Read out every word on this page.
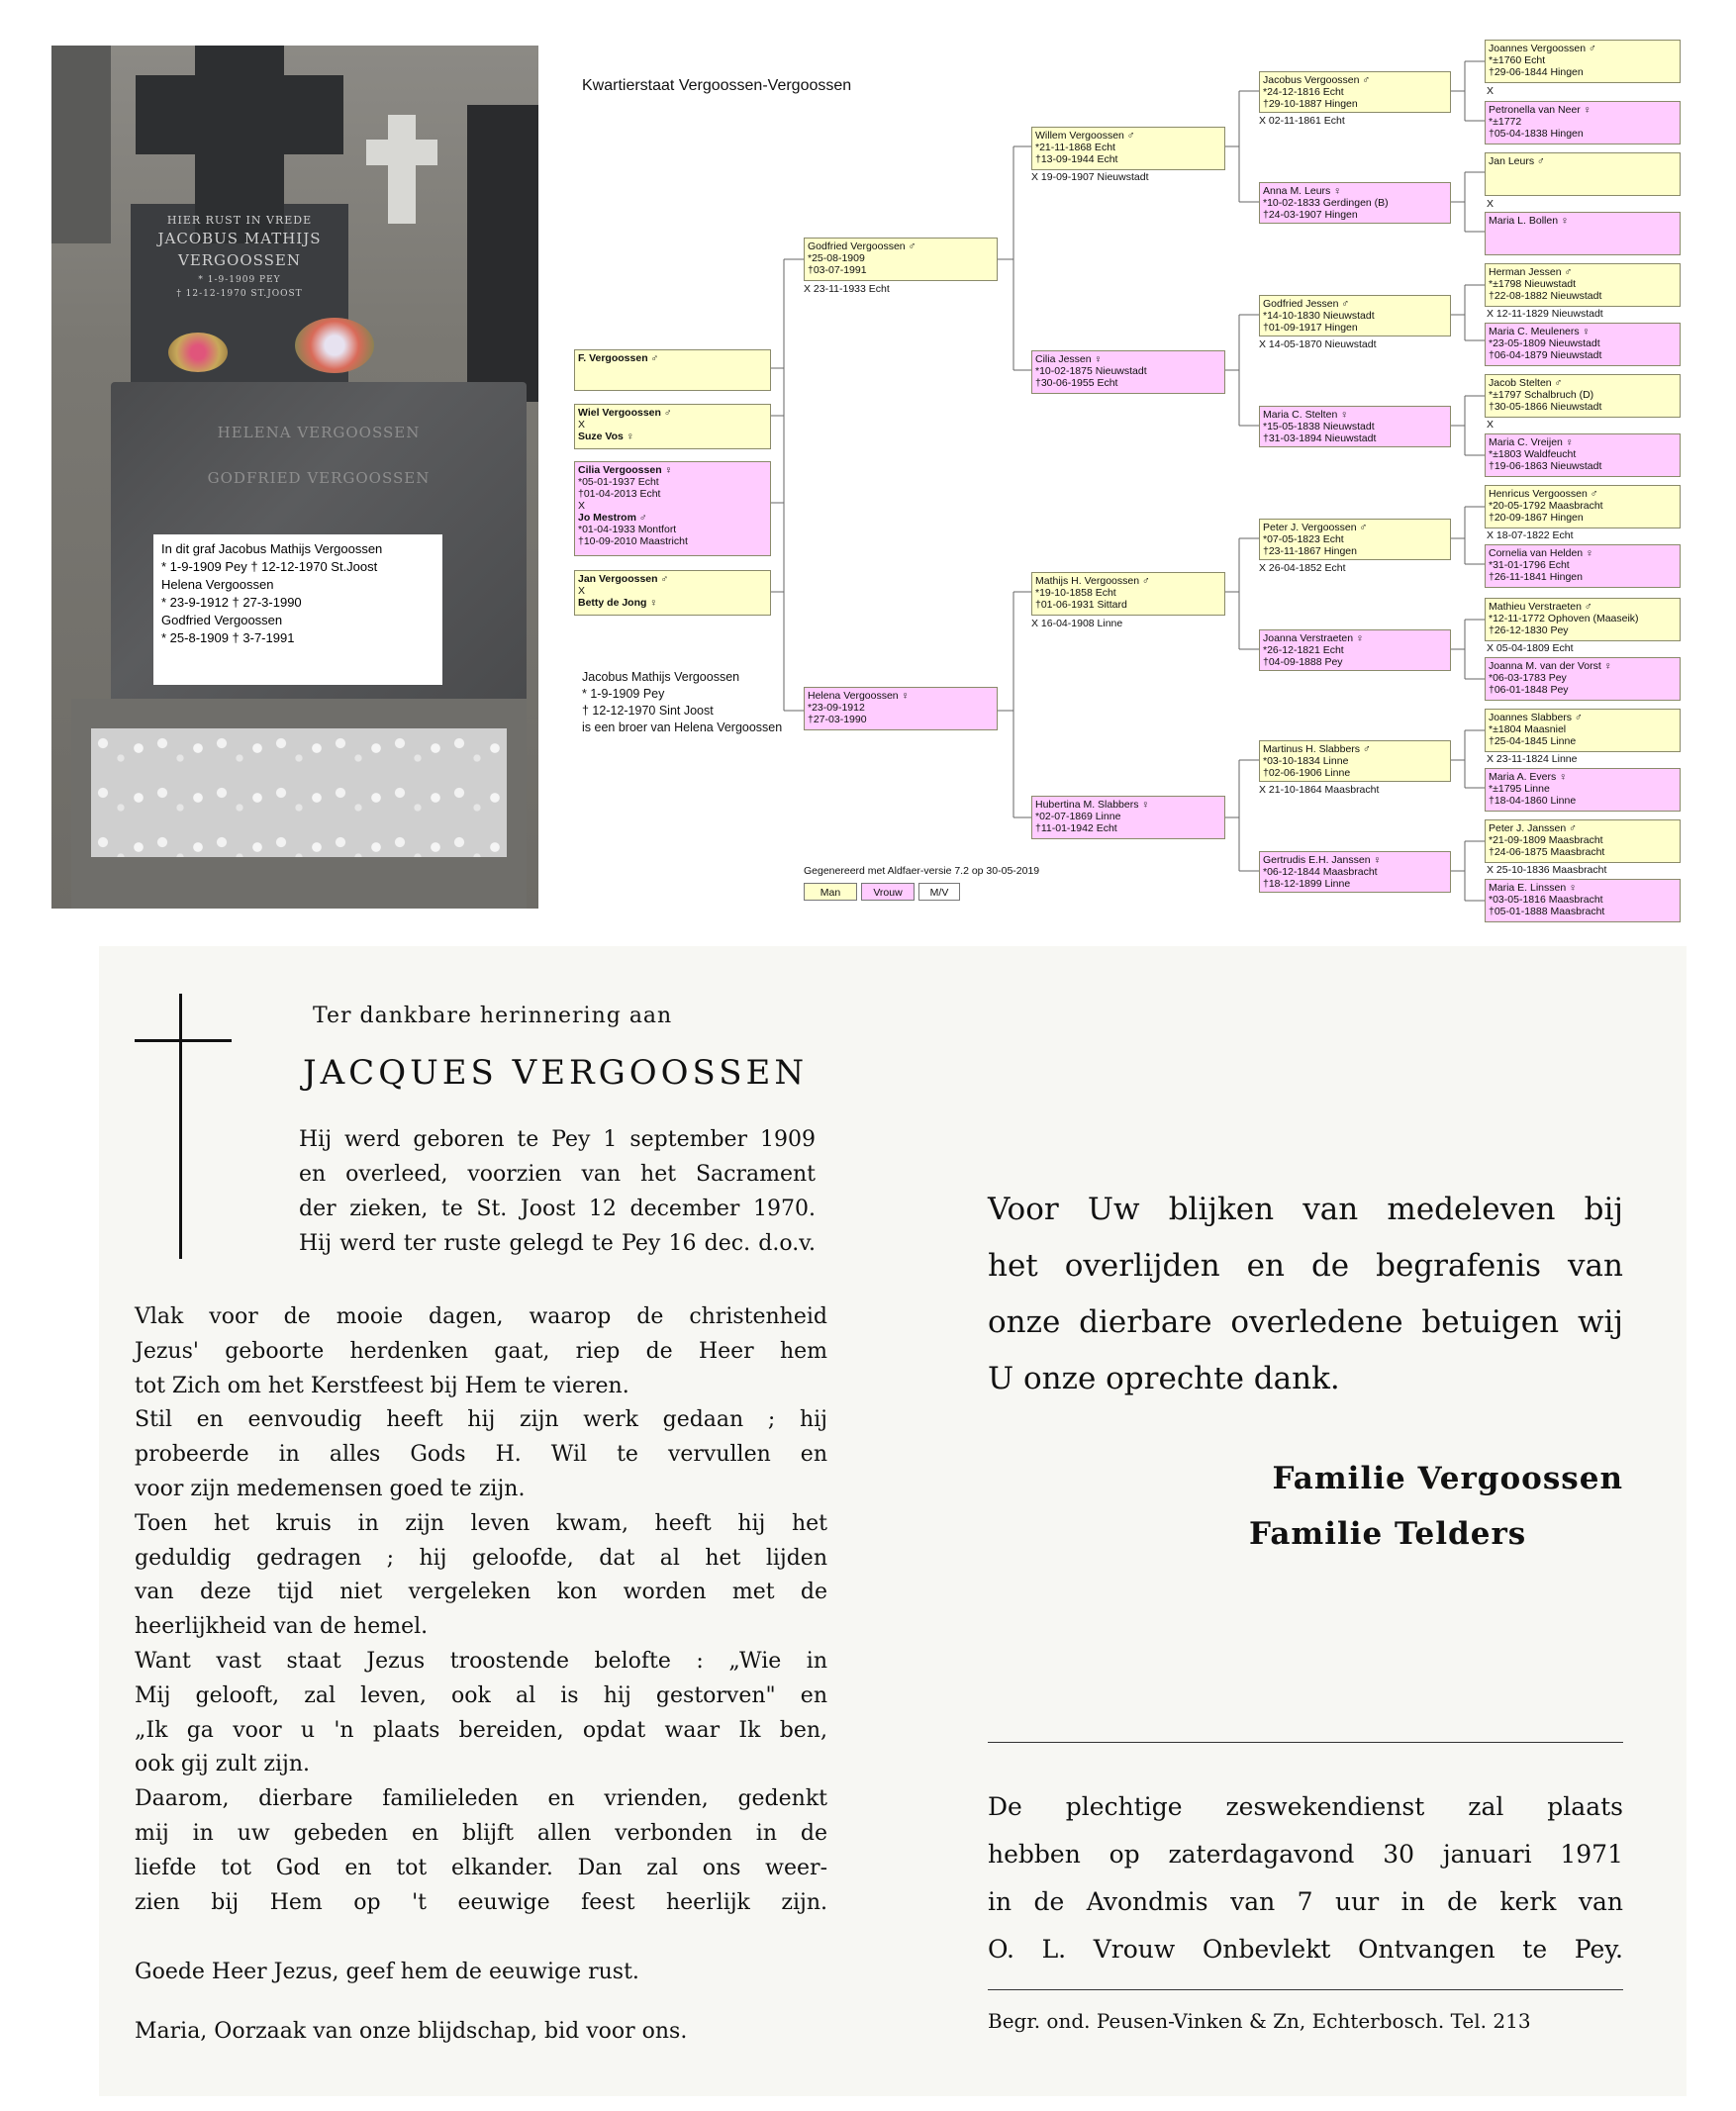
HIER RUST IN VREDE
JACOBUS MATHIJS
VERGOOSSEN
* 1-9-1909 PEY
† 12-12-1970 ST.JOOST
HELENA VERGOOSSEN
GODFRIED VERGOOSSEN
In dit graf Jacobus Mathijs Vergoossen
* 1-9-1909 Pey † 12-12-1970 St.Joost
Helena Vergoossen
* 23-9-1912 † 27-3-1990
Godfried Vergoossen
* 25-8-1909 † 3-7-1991
Kwartierstaat Vergoossen-Vergoossen
F. Vergoossen ♂
Wiel Vergoossen ♂
X
Suze Vos ♀
Cilia Vergoossen ♀
*05-01-1937 Echt
†01-04-2013 Echt
X
Jo Mestrom ♂
*01-04-1933 Montfort
†10-09-2010 Maastricht
Jan Vergoossen ♂
X
Betty de Jong ♀
Jacobus Mathijs Vergoossen
* 1-9-1909 Pey
† 12-12-1970 Sint Joost
is een broer van Helena Vergoossen
Godfried Vergoossen ♂
*25-08-1909
†03-07-1991
X 23-11-1933 Echt
Helena Vergoossen ♀
*23-09-1912
†27-03-1990
Willem Vergoossen ♂
*21-11-1868 Echt
†13-09-1944 Echt
X 19-09-1907 Nieuwstadt
Cilia Jessen ♀
*10-02-1875 Nieuwstadt
†30-06-1955 Echt
Mathijs H. Vergoossen ♂
*19-10-1858 Echt
†01-06-1931 Sittard
X 16-04-1908 Linne
Hubertina M. Slabbers ♀
*02-07-1869 Linne
†11-01-1942 Echt
Jacobus Vergoossen ♂
*24-12-1816 Echt
†29-10-1887 Hingen
X 02-11-1861 Echt
Anna M. Leurs ♀
*10-02-1833 Gerdingen (B)
†24-03-1907 Hingen
Godfried Jessen ♂
*14-10-1830 Nieuwstadt
†01-09-1917 Hingen
X 14-05-1870 Nieuwstadt
Maria C. Stelten ♀
*15-05-1838 Nieuwstadt
†31-03-1894 Nieuwstadt
Peter J. Vergoossen ♂
*07-05-1823 Echt
†23-11-1867 Hingen
X 26-04-1852 Echt
Joanna Verstraeten ♀
*26-12-1821 Echt
†04-09-1888 Pey
Martinus H. Slabbers ♂
*03-10-1834 Linne
†02-06-1906 Linne
X 21-10-1864 Maasbracht
Gertrudis E.H. Janssen ♀
*06-12-1844 Maasbracht
†18-12-1899 Linne
Joannes Vergoossen ♂
*±1760 Echt
†29-06-1844 Hingen
X
Petronella van Neer ♀
*±1772
†05-04-1838 Hingen
Jan Leurs ♂
X
Maria L. Bollen ♀
Herman Jessen ♂
*±1798 Nieuwstadt
†22-08-1882 Nieuwstadt
X 12-11-1829 Nieuwstadt
Maria C. Meuleners ♀
*23-05-1809 Nieuwstadt
†06-04-1879 Nieuwstadt
Jacob Stelten ♂
*±1797 Schalbruch (D)
†30-05-1866 Nieuwstadt
X
Maria C. Vreijen ♀
*±1803 Waldfeucht
†19-06-1863 Nieuwstadt
Henricus Vergoossen ♂
*20-05-1792 Maasbracht
†20-09-1867 Hingen
X 18-07-1822 Echt
Cornelia van Helden ♀
*31-01-1796 Echt
†26-11-1841 Hingen
Mathieu Verstraeten ♂
*12-11-1772 Ophoven (Maaseik)
†26-12-1830 Pey
X 05-04-1809 Echt
Joanna M. van der Vorst ♀
*06-03-1783 Pey
†06-01-1848 Pey
Joannes Slabbers ♂
*±1804 Maasniel
†25-04-1845 Linne
X 23-11-1824 Linne
Maria A. Evers ♀
*±1795 Linne
†18-04-1860 Linne
Peter J. Janssen ♂
*21-09-1809 Maasbracht
†24-06-1875 Maasbracht
X 25-10-1836 Maasbracht
Maria E. Linssen ♀
*03-05-1816 Maasbracht
†05-01-1888 Maasbracht
Gegenereerd met Aldfaer-versie 7.2 op 30-05-2019
Man	Vrouw	M/V
Ter dankbare herinnering aan
JACQUES VERGOOSSEN
Hij werd geboren te Pey 1 september 1909
en overleed, voorzien van het Sacrament
der zieken, te St. Joost 12 december 1970.
Hij werd ter ruste gelegd te Pey 16 dec. d.o.v.
Vlak voor de mooie dagen, waarop de christenheid
Jezus' geboorte herdenken gaat, riep de Heer hem
tot Zich om het Kerstfeest bij Hem te vieren.
Stil en eenvoudig heeft hij zijn werk gedaan ; hij
probeerde in alles Gods H. Wil te vervullen en
voor zijn medemensen goed te zijn.
Toen het kruis in zijn leven kwam, heeft hij het
geduldig gedragen ; hij geloofde, dat al het lijden
van deze tijd niet vergeleken kon worden met de
heerlijkheid van de hemel.
Want vast staat Jezus troostende belofte : „Wie in
Mij gelooft, zal leven, ook al is hij gestorven" en
„Ik ga voor u 'n plaats bereiden, opdat waar Ik ben,
ook gij zult zijn.
Daarom, dierbare familieleden en vrienden, gedenkt
mij in uw gebeden en blijft allen verbonden in de
liefde tot God en tot elkander. Dan zal ons weer-
zien bij Hem op 't eeuwige feest heerlijk zijn.
Goede Heer Jezus, geef hem de eeuwige rust.
Maria, Oorzaak van onze blijdschap, bid voor ons.
Voor Uw blijken van medeleven bij
het overlijden en de begrafenis van
onze dierbare overledene betuigen wij
U onze oprechte dank.
Familie Vergoossen
Familie Telders
De plechtige zeswekendienst zal plaats
hebben op zaterdagavond 30 januari 1971
in de Avondmis van 7 uur in de kerk van
O. L. Vrouw Onbevlekt Ontvangen te Pey.
Begr. ond. Peusen-Vinken & Zn, Echterbosch. Tel. 213
